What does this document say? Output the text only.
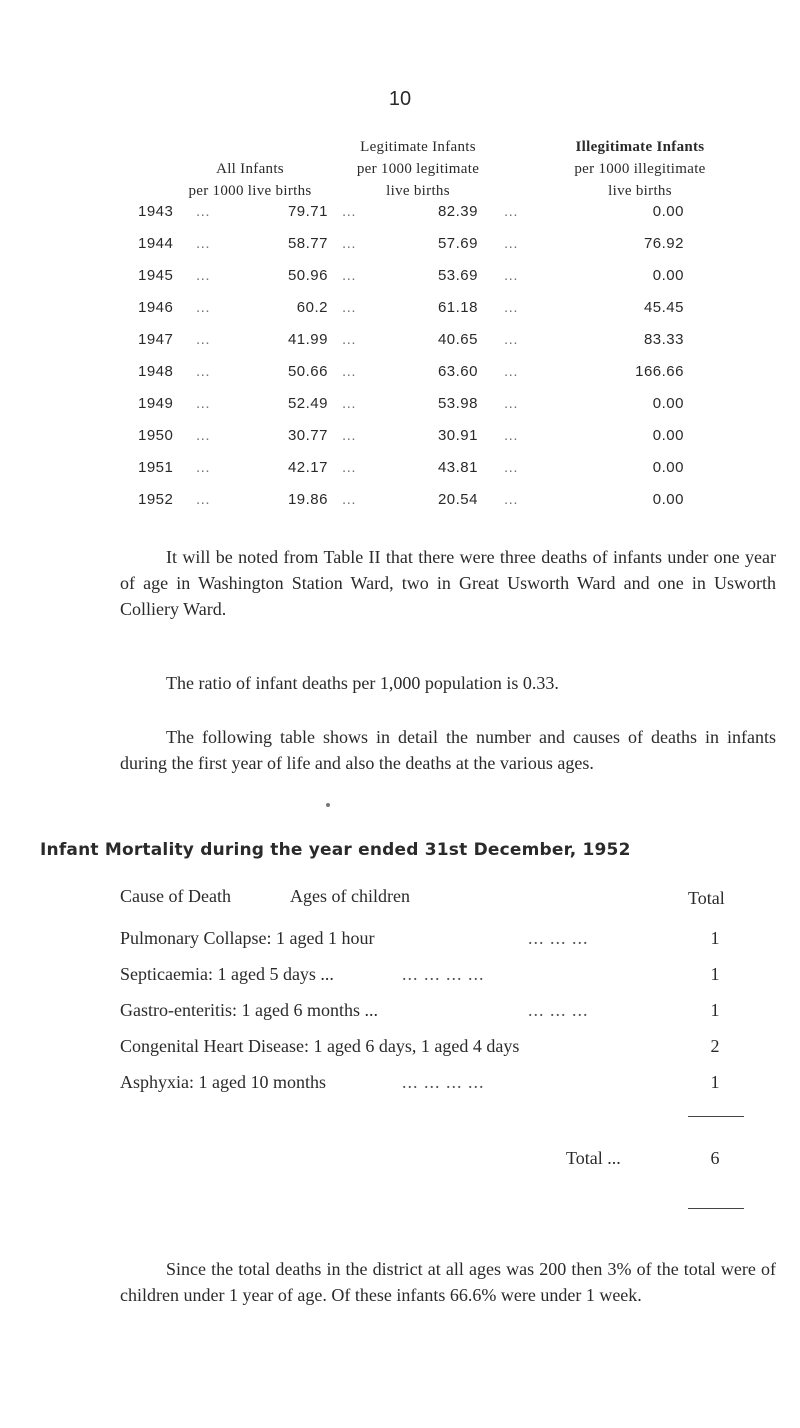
10
All Infants
per 1000 live births
Legitimate Infants
per 1000 legitimate
live births
Illegitimate Infants
per 1000 illegitimate
live births
1943 ...	79.71 ...	82.39 ...	0.00
1944 ...	58.77 ...	57.69 ...	76.92
1945 ...	50.96 ...	53.69 ...	0.00
1946 ...	60.2 ...	61.18 ...	45.45
1947 ...	41.99 ...	40.65 ...	83.33
1948 ...	50.66 ...	63.60 ...	166.66
1949 ...	52.49 ...	53.98 ...	0.00
1950 ...	30.77 ...	30.91 ...	0.00
1951 ...	42.17 ...	43.81 ...	0.00
1952 ...	19.86 ...	20.54 ...	0.00

It will be noted from Table II that there were three deaths of infants under one year of age in Washington Station Ward, two in Great Usworth Ward and one in Usworth Colliery Ward.

The ratio of infant deaths per 1,000 population is 0.33.

The following table shows in detail the number and causes of deaths in infants during the first year of life and also the deaths at the various ages.

Infant Mortality during the year ended 31st December, 1952
Cause of Death	Ages of children	Total
Pulmonary Collapse: 1 aged 1 hour	... ... ...	1
Septicaemia: 1 aged 5 days ...	... ... ... ...	1
Gastro-enteritis: 1 aged 6 months ...	... ... ...	1
Congenital Heart Disease: 1 aged 6 days, 1 aged 4 days	2
Asphyxia: 1 aged 10 months	... ... ... ...	1
Total ...	6

Since the total deaths in the district at all ages was 200 then 3% of the total were of children under 1 year of age. Of these infants 66.6% were under 1 week.
